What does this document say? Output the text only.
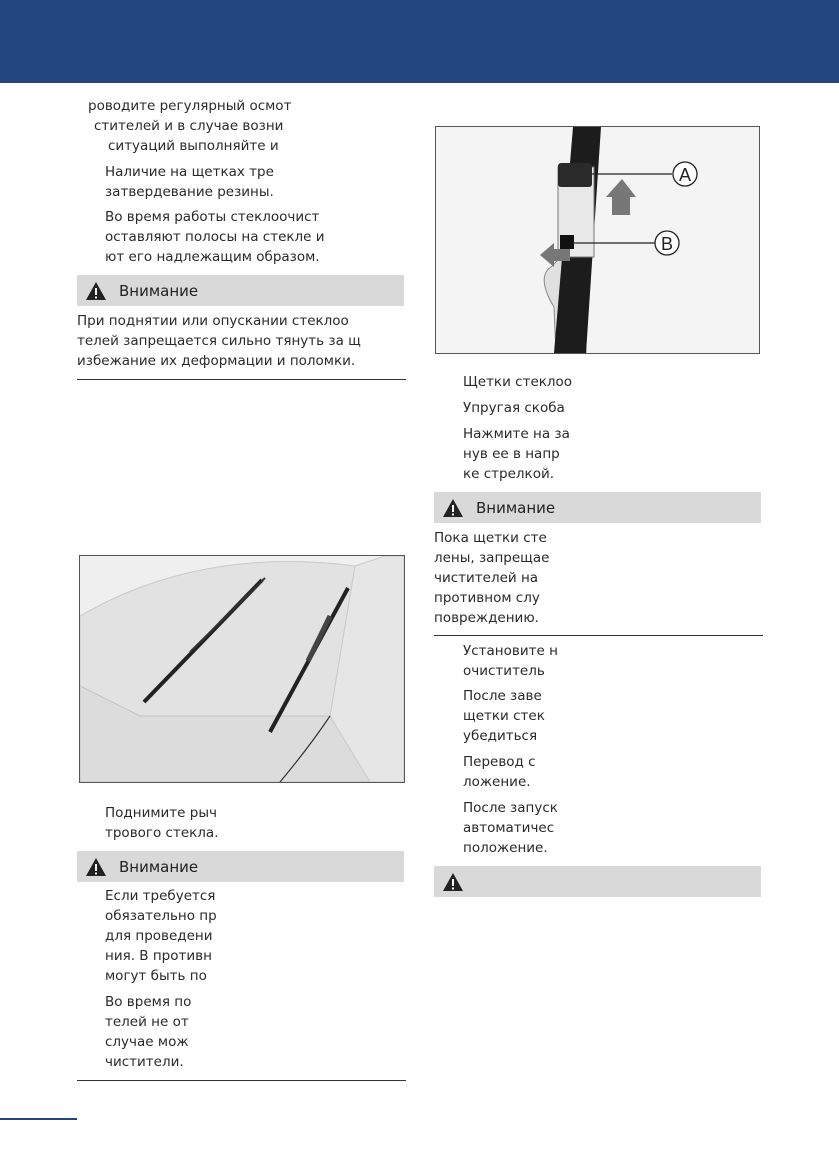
роводите регулярный осмот
стителей и в случае возни
ситуаций выполняйте и
Наличие на щетках тре
затвердевание резины.
Во время работы стеклоочист
оставляют полосы на стекле и
ют его надлежащим образом.
Внимание
При поднятии или опускании стеклоо
телей запрещается сильно тянуть за щ
избежание их деформации и поломки.
Поднимите рыч
трового стекла.
Внимание
Если требуется
обязательно пр
для проведени
ния. В противн
могут быть по
Во время по
телей не от
случае мож
чистители.
A
B
Щетки стеклоо
Упругая скоба
Нажмите на за
нув ее в напр
ке стрелкой.
Внимание
Пока щетки сте
лены, запрещае
чистителей на
противном слу
повреждению.
Установите н
очиститель
После заве
щетки стек
убедиться
Перевод с
ложение.
После запуск
автоматичес
положение.
